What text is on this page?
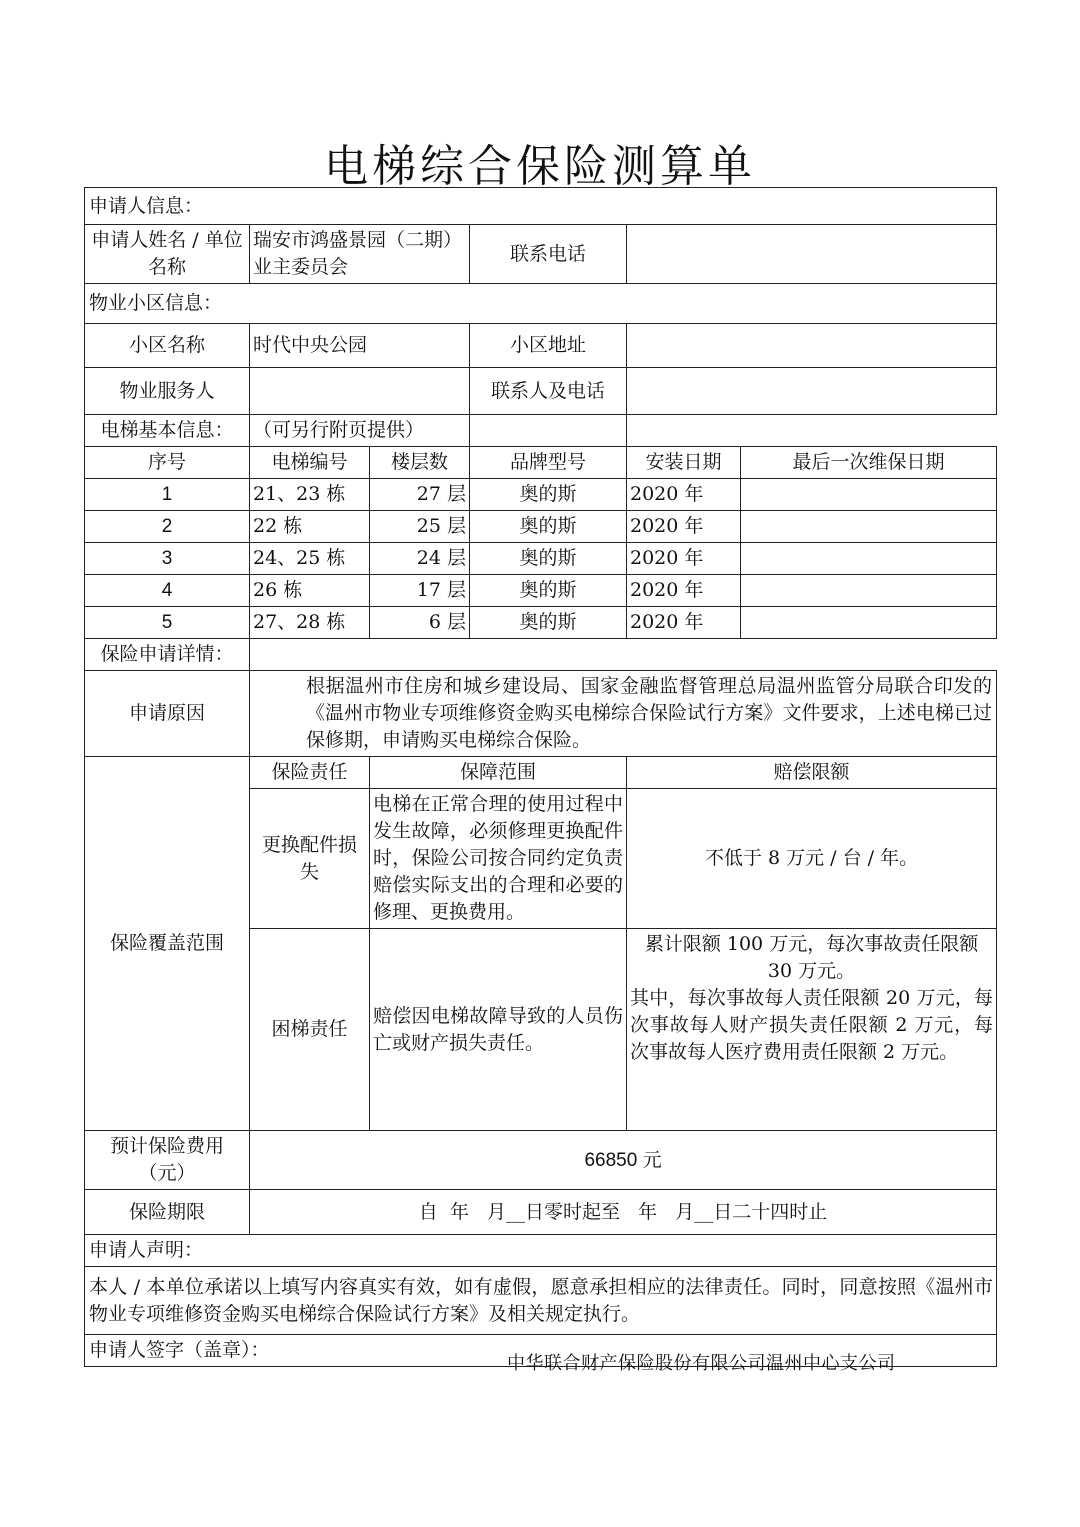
电梯综合保险测算单
申请人信息：					
申请人姓名 / 单位名称	瑞安市鸿盛景园（二期）业主委员会		联系电话		
物业小区信息：					
小区名称	时代中央公园		小区地址		
物业服务人			联系人及电话		
电梯基本信息：	（可另行附页提供）				
序号	电梯编号	楼层数	品牌型号	安装日期	最后一次维保日期
1	21、23 栋	27 层	奥的斯	2020 年	
2	22 栋	25 层	奥的斯	2020 年	
3	24、25 栋	24 层	奥的斯	2020 年	
4	26 栋	17 层	奥的斯	2020 年	
5	27、28 栋	6 层	奥的斯	2020 年	
保险申请详情：					
申请原因	根据温州市住房和城乡建设局、国家金融监督管理总局温州监管分局联合印发的《温州市物业专项维修资金购买电梯综合保险试行方案》文件要求，上述电梯已过保修期，申请购买电梯综合保险。				
保险覆盖范围	保险责任	保障范围		赔偿限额	
	更换配件损失	电梯在正常合理的使用过程中发生故障，必须修理更换配件时，保险公司按合同约定负责赔偿实际支出的合理和必要的修理、更换费用。		不低于 8 万元 / 台 / 年。	
	困梯责任	赔偿因电梯故障导致的人员伤亡或财产损失责任。		累计限额 100 万元，每次事故责任限额 30 万元。
其中，每次事故每人责任限额 20 万元，每次事故每人财产损失责任限额 2 万元，每次事故每人医疗费用责任限额 2 万元。	

预计保险费用（元）	66850 元				
保险期限	自  年   月__日零时起至   年   月__日二十四时止				
申请人声明：					
本人 / 本单位承诺以上填写内容真实有效，如有虚假，愿意承担相应的法律责任。同时，同意按照《温州市物业专项维修资金购买电梯综合保险试行方案》及相关规定执行。					
申请人签字（盖章）：					
中华联合财产保险股份有限公司温州中心支公司
